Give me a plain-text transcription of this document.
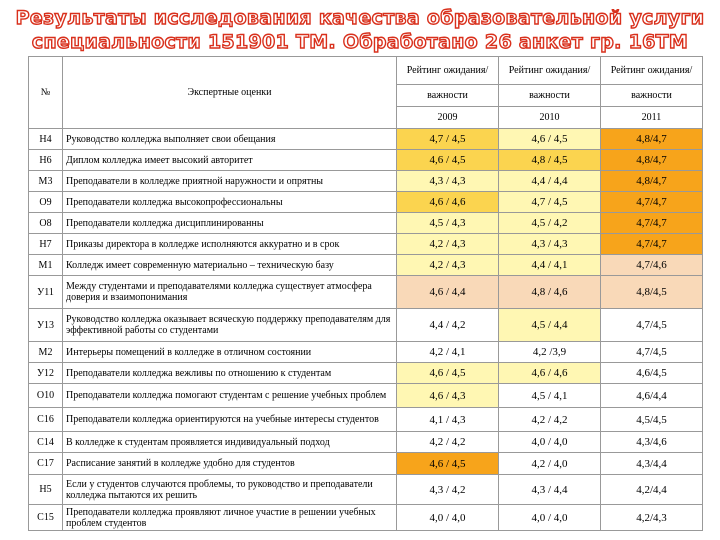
Результаты исследования качества образовательной услуги
специальности 151901 ТМ. Обработано 26 анкет гр. 16ТМ
№	Экспертные оценки	Рейтинг ожидания/	Рейтинг ожидания/	Рейтинг ожидания/
		важности	важности	важности
		2009	2010	2011
Н4	Руководство колледжа выполняет свои обещания	4,7 / 4,5	4,6 / 4,5	4,8/4,7
Н6	Диплом колледжа имеет высокий авторитет	4,6 / 4,5	4,8 / 4,5	4,8/4,7
М3	Преподаватели в колледже приятной наружности и опрятны	4,3 / 4,3	4,4 / 4,4	4,8/4,7
О9	Преподаватели колледжа высокопрофессиональны	4,6 / 4,6	4,7 / 4,5	4,7/4,7
О8	Преподаватели колледжа дисциплинированны	4,5 / 4,3	4,5 / 4,2	4,7/4,7
Н7	Приказы директора в колледже исполняются аккуратно и в срок	4,2 / 4,3	4,3 / 4,3	4,7/4,7
М1	Колледж имеет современную материально – техническую базу	4,2 / 4,3	4,4 / 4,1	4,7/4,6
У11	Между студентами и преподавателями колледжа существует атмосфера доверия и взаимопонимания	4,6 / 4,4	4,8 / 4,6	4,8/4,5
У13	Руководство колледжа оказывает всяческую поддержку преподавателям для эффективной работы со студентами	4,4 / 4,2	4,5 / 4,4	4,7/4,5
М2	Интерьеры помещений в колледже в отличном состоянии	4,2 / 4,1	4,2 /3,9	4,7/4,5
У12	Преподаватели колледжа вежливы по отношению к студентам	4,6 / 4,5	4,6 / 4,6	4,6/4,5
О10	Преподаватели колледжа помогают студентам с решение учебных проблем	4,6 / 4,3	4,5 / 4,1	4,6/4,4
С16	Преподаватели колледжа ориентируются на учебные интересы студентов	4,1 / 4,3	4,2 / 4,2	4,5/4,5
С14	В колледже к студентам проявляется индивидуальный подход	4,2 / 4,2	4,0 / 4,0	4,3/4,6
С17	Расписание занятий в колледже удобно для студентов	4,6 / 4,5	4,2 / 4,0	4,3/4,4
Н5	Если у студентов случаются проблемы, то руководство и преподаватели колледжа пытаются их решить	4,3 / 4,2	4,3 / 4,4	4,2/4,4
С15	Преподаватели колледжа проявляют личное участие в решении учебных проблем студентов	4,0 / 4,0	4,0 / 4,0	4,2/4,3
